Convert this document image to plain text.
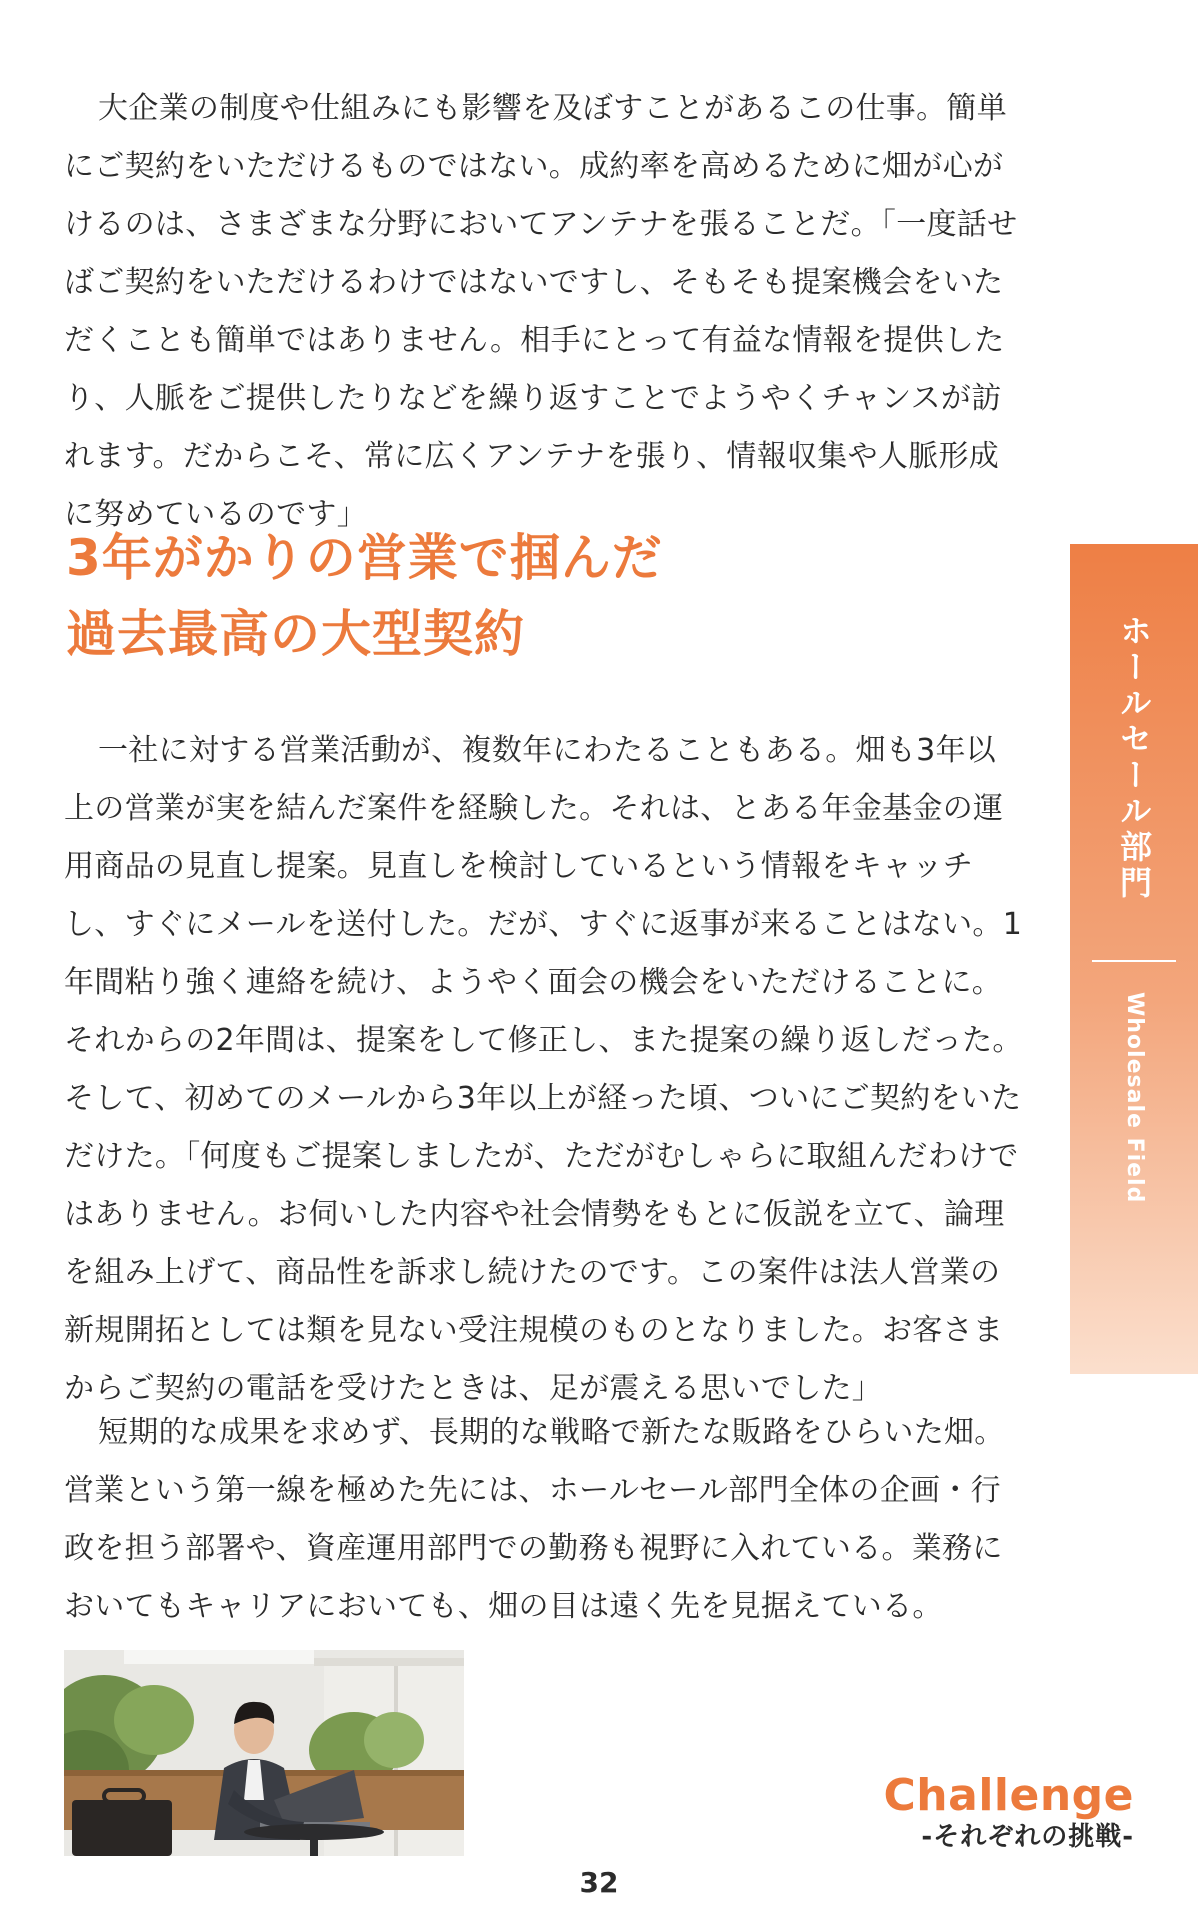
大企業の制度や仕組みにも影響を及ぼすことがあるこの仕事。簡単にご契約をいただけるものではない。成約率を高めるために畑が心がけるのは、さまざまな分野においてアンテナを張ることだ。「一度話せばご契約をいただけるわけではないですし、そもそも提案機会をいただくことも簡単ではありません。相手にとって有益な情報を提供したり、人脈をご提供したりなどを繰り返すことでようやくチャンスが訪れます。だからこそ、常に広くアンテナを張り、情報収集や人脈形成に努めているのです」

3年がかりの営業で掴んだ
過去最高の大型契約

一社に対する営業活動が、複数年にわたることもある。畑も3年以上の営業が実を結んだ案件を経験した。それは、とある年金基金の運用商品の見直し提案。見直しを検討しているという情報をキャッチし、すぐにメールを送付した。だが、すぐに返事が来ることはない。1年間粘り強く連絡を続け、ようやく面会の機会をいただけることに。それからの2年間は、提案をして修正し、また提案の繰り返しだった。そして、初めてのメールから3年以上が経った頃、ついにご契約をいただけた。「何度もご提案しましたが、ただがむしゃらに取組んだわけではありません。お伺いした内容や社会情勢をもとに仮説を立て、論理を組み上げて、商品性を訴求し続けたのです。この案件は法人営業の新規開拓としては類を見ない受注規模のものとなりました。お客さまからご契約の電話を受けたときは、足が震える思いでした」

短期的な成果を求めず、長期的な戦略で新たな販路をひらいた畑。営業という第一線を極めた先には、ホールセール部門全体の企画・行政を担う部署や、資産運用部門での勤務も視野に入れている。業務においてもキャリアにおいても、畑の目は遠く先を見据えている。

ホールセール部門
Wholesale Field
Challenge
-それぞれの挑戦-
32
